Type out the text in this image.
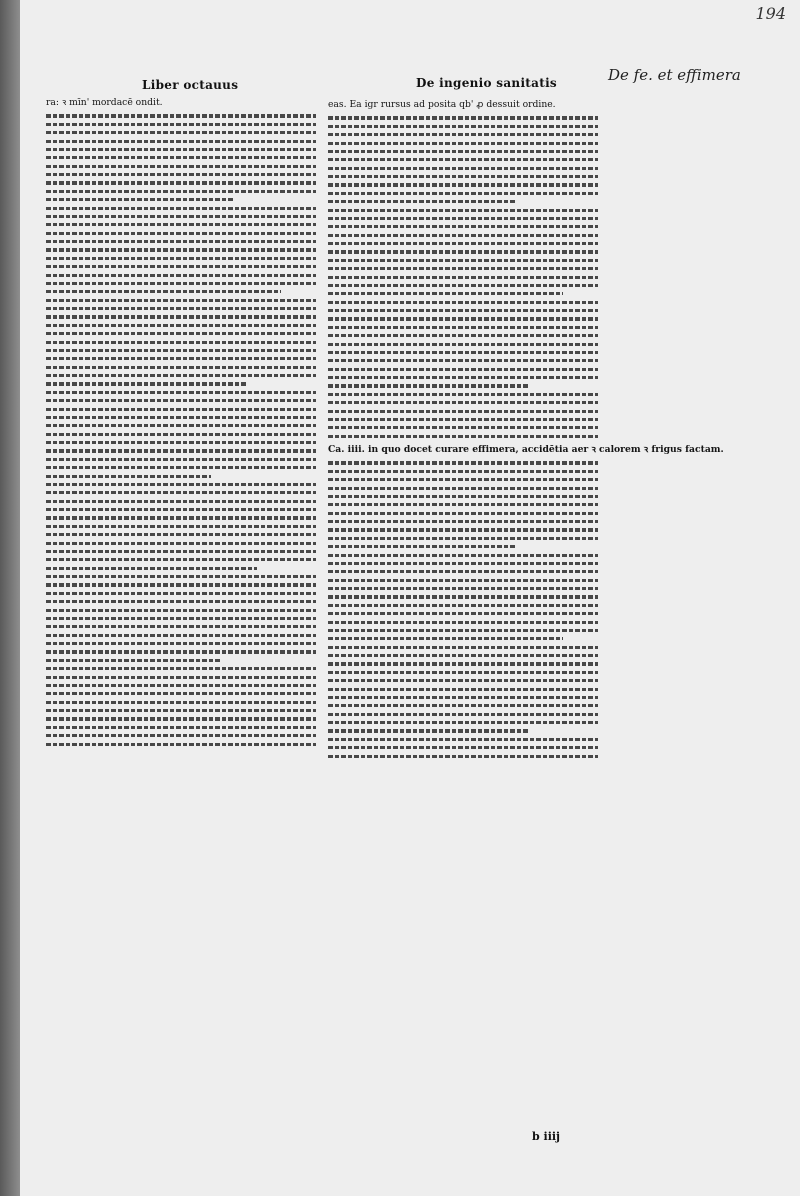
194
De fe. et effimera
Liber octauus	De ingenio sanitatis
ra: ꝛ mīn' mordacē ondit.	eas. Ea igr rursus ad posita qb' ꝓ dessuit ordine.
Ca. iiii. in quo docet curare effimera, accidētia aer ꝛ calorem ꝛ frigus factam.
b iiij
